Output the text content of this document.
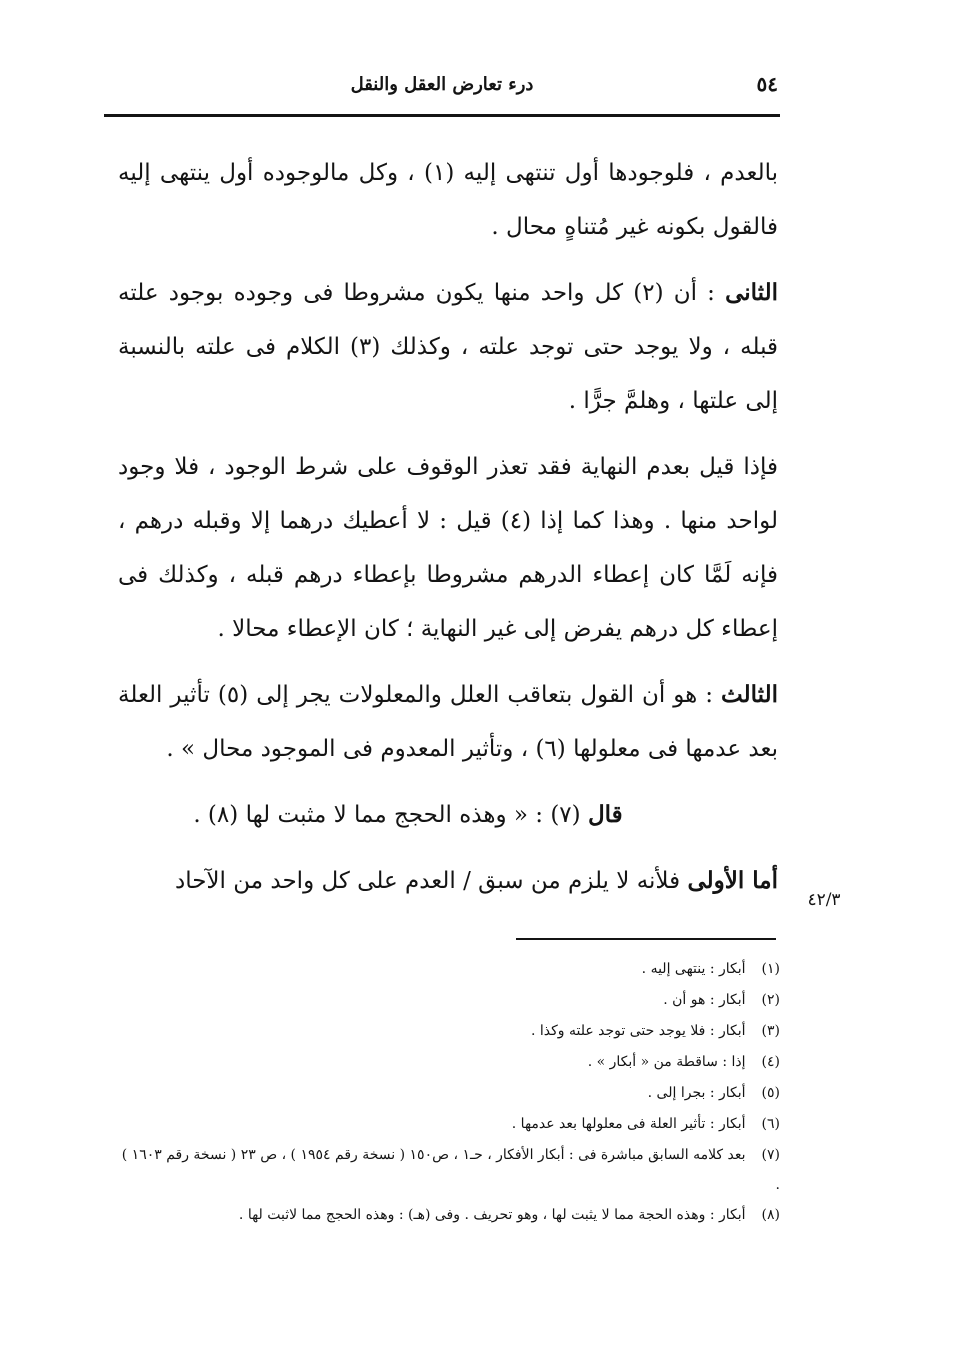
٥٤
درء تعارض العقل والنقل

بالعدم ، فلوجودها أول تنتهى إليه (١) ، وكل مالوجوده أول ينتهى إليه فالقول بكونه غير مُتناهٍ محال .

الثانى : أن (٢) كل واحد منها يكون مشروطا فى وجوده بوجود علته قبله ، ولا يوجد حتى توجد علته ، وكذلك (٣) الكلام فى علته بالنسبة إلى علتها ، وهلمَّ جرًّا .

فإذا قيل بعدم النهاية فقد تعذر الوقوف على شرط الوجود ، فلا وجود لواحد منها . وهذا كما إذا (٤) قيل : لا أعطيك درهما إلا وقبله درهم ، فإنه لَمَّا كان إعطاء الدرهم مشروطا بإعطاء درهم قبله ، وكذلك فى إعطاء كل درهم يفرض إلى غير النهاية ؛ كان الإعطاء محالا .

الثالث : هو أن القول بتعاقب العلل والمعلولات يجر إلى (٥) تأثير العلة بعد عدمها فى معلولها (٦) ، وتأثير المعدوم فى الموجود محال » .

قال (٧) : « وهذه الحجج مما لا مثبت لها (٨) .

أما الأولى فلأنه لا يلزم من سبق / العدم على كل واحد من الآحاد

٤٢/٣

(١) أبكار : ينتهى إليه .

(٢) أبكار : هو أن .

(٣) أبكار : فلا يوجد حتى توجد علته وكذا .

(٤) إذا : ساقطة من « أبكار » .

(٥) أبكار : بجرا إلى .

(٦) أبكار : تأثير العلة فى معلولها بعد عدمها .

(٧) بعد كلامه السابق مباشرة فى : أبكار الأفكار ، حـ١ ، ص١٥٠ ( نسخة رقم ١٩٥٤ ) ، ص ٢٣ ( نسخة رقم ١٦٠٣ ) .

(٨) أبكار : وهذه الحجة مما لا يثبت لها ، وهو تحريف . وفى (هـ) : وهذه الحجج مما لاثبت لها .
